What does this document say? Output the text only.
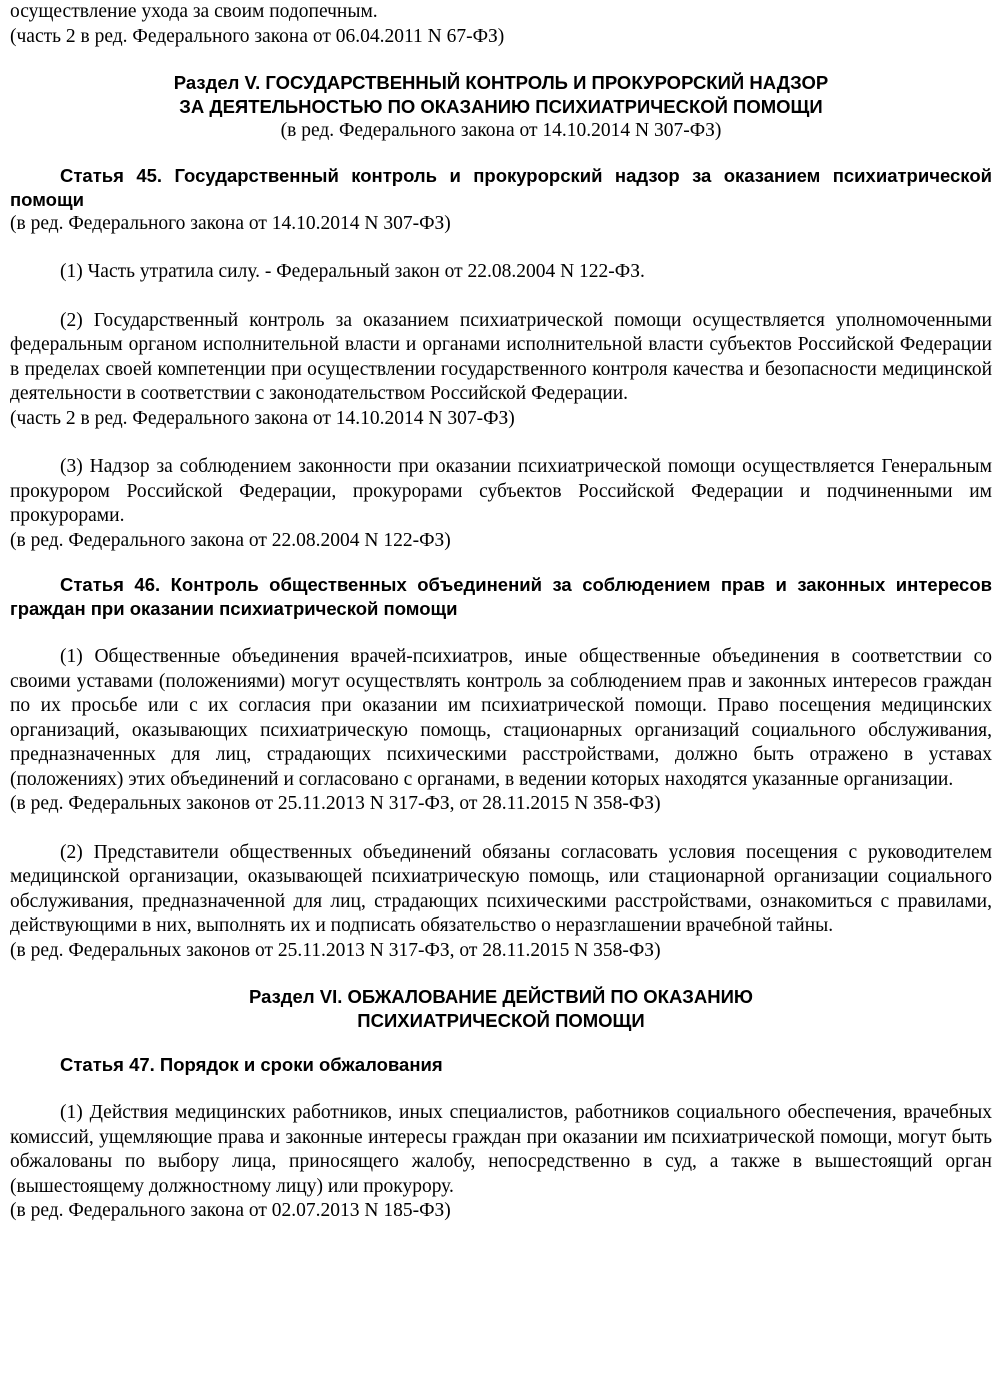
осуществление ухода за своим подопечным.

(часть 2 в ред. Федерального закона от 06.04.2011 N 67-ФЗ)

Раздел V. ГОСУДАРСТВЕННЫЙ КОНТРОЛЬ И ПРОКУРОРСКИЙ НАДЗОР

ЗА ДЕЯТЕЛЬНОСТЬЮ ПО ОКАЗАНИЮ ПСИХИАТРИЧЕСКОЙ ПОМОЩИ

(в ред. Федерального закона от 14.10.2014 N 307-ФЗ)

Статья 45. Государственный контроль и прокурорский надзор за оказанием психиатрической помощи

(в ред. Федерального закона от 14.10.2014 N 307-ФЗ)

(1) Часть утратила силу. - Федеральный закон от 22.08.2004 N 122-ФЗ.

(2) Государственный контроль за оказанием психиатрической помощи осуществляется уполномоченными федеральным органом исполнительной власти и органами исполнительной власти субъектов Российской Федерации в пределах своей компетенции при осуществлении государственного контроля качества и безопасности медицинской деятельности в соответствии с законодательством Российской Федерации.

(часть 2 в ред. Федерального закона от 14.10.2014 N 307-ФЗ)

(3) Надзор за соблюдением законности при оказании психиатрической помощи осуществляется Генеральным прокурором Российской Федерации, прокурорами субъектов Российской Федерации и подчиненными им прокурорами.

(в ред. Федерального закона от 22.08.2004 N 122-ФЗ)

Статья 46. Контроль общественных объединений за соблюдением прав и законных интересов граждан при оказании психиатрической помощи

(1) Общественные объединения врачей-психиатров, иные общественные объединения в соответствии со своими уставами (положениями) могут осуществлять контроль за соблюдением прав и законных интересов граждан по их просьбе или с их согласия при оказании им психиатрической помощи. Право посещения медицинских организаций, оказывающих психиатрическую помощь, стационарных организаций социального обслуживания, предназначенных для лиц, страдающих психическими расстройствами, должно быть отражено в уставах (положениях) этих объединений и согласовано с органами, в ведении которых находятся указанные организации.

(в ред. Федеральных законов от 25.11.2013 N 317-ФЗ, от 28.11.2015 N 358-ФЗ)

(2) Представители общественных объединений обязаны согласовать условия посещения с руководителем медицинской организации, оказывающей психиатрическую помощь, или стационарной организации социального обслуживания, предназначенной для лиц, страдающих психическими расстройствами, ознакомиться с правилами, действующими в них, выполнять их и подписать обязательство о неразглашении врачебной тайны.

(в ред. Федеральных законов от 25.11.2013 N 317-ФЗ, от 28.11.2015 N 358-ФЗ)

Раздел VI. ОБЖАЛОВАНИЕ ДЕЙСТВИЙ ПО ОКАЗАНИЮ

ПСИХИАТРИЧЕСКОЙ ПОМОЩИ

Статья 47. Порядок и сроки обжалования

(1) Действия медицинских работников, иных специалистов, работников социального обеспечения, врачебных комиссий, ущемляющие права и законные интересы граждан при оказании им психиатрической помощи, могут быть обжалованы по выбору лица, приносящего жалобу, непосредственно в суд, а также в вышестоящий орган (вышестоящему должностному лицу) или прокурору.

(в ред. Федерального закона от 02.07.2013 N 185-ФЗ)
